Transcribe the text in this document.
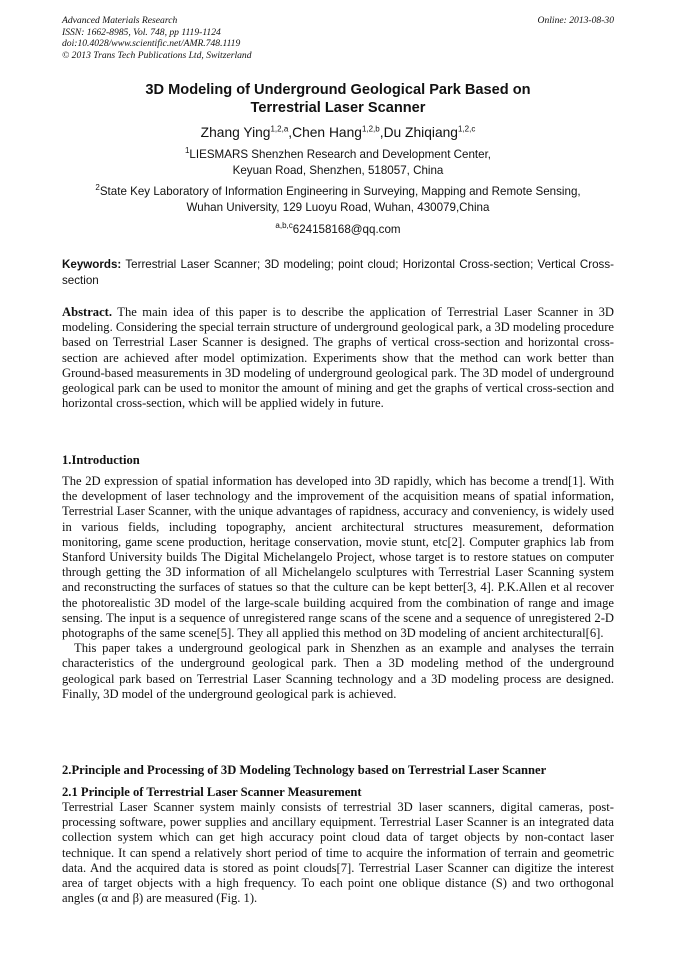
Advanced Materials Research
ISSN: 1662-8985, Vol. 748, pp 1119-1124
doi:10.4028/www.scientific.net/AMR.748.1119
© 2013 Trans Tech Publications Ltd, Switzerland
Online: 2013-08-30
3D Modeling of Underground Geological Park Based on
Terrestrial Laser Scanner
Zhang Ying$^{1,2,a}$,Chen Hang$^{1,2,b}$,Du Zhiqiang$^{1,2,c}$
$^1$LIESMARS Shenzhen Research and Development Center,
Keyuan Road, Shenzhen, 518057, China
$^2$State Key Laboratory of Information Engineering in Surveying, Mapping and Remote Sensing,
Wuhan University, 129 Luoyu Road, Wuhan, 430079,China
$^{a,b,c}$624158168@qq.com
Keywords: Terrestrial Laser Scanner; 3D modeling; point cloud; Horizontal Cross-section; Vertical Cross-section
Abstract. The main idea of this paper is to describe the application of Terrestrial Laser Scanner in 3D modeling. Considering the special terrain structure of underground geological park, a 3D modeling procedure based on Terrestrial Laser Scanner is designed. The graphs of vertical cross-section and horizontal cross-section are achieved after model optimization. Experiments show that the method can work better than Ground-based measurements in 3D modeling of underground geological park. The 3D model of underground geological park can be used to monitor the amount of mining and get the graphs of vertical cross-section and horizontal cross-section, which will be applied widely in future.
1.Introduction
The 2D expression of spatial information has developed into 3D rapidly, which has become a trend[1]. With the development of laser technology and the improvement of the acquisition means of spatial information, Terrestrial Laser Scanner, with the unique advantages of rapidness, accuracy and conveniency, is widely used in various fields, including topography, ancient architectural structures measurement, deformation monitoring, game scene production, heritage conservation, movie stunt, etc[2]. Computer graphics lab from Stanford University builds The Digital Michelangelo Project, whose target is to restore statues on computer through getting the 3D information of all Michelangelo sculptures with Terrestrial Laser Scanning system and reconstructing the surfaces of statues so that the culture can be kept better[3, 4]. P.K.Allen et al recover the photorealistic 3D model of the large-scale building acquired from the combination of range and image sensing. The input is a sequence of unregistered range scans of the scene and a sequence of unregistered 2-D photographs of the same scene[5]. They all applied this method on 3D modeling of ancient architectural[6].
This paper takes a underground geological park in Shenzhen as an example and analyses the terrain characteristics of the underground geological park. Then a 3D modeling method of the underground geological park based on Terrestrial Laser Scanning technology and a 3D modeling process are designed. Finally, 3D model of the underground geological park is achieved.
2.Principle and Processing of 3D Modeling Technology based on Terrestrial Laser Scanner
2.1 Principle of Terrestrial Laser Scanner Measurement
Terrestrial Laser Scanner system mainly consists of terrestrial 3D laser scanners, digital cameras, post-processing software, power supplies and ancillary equipment. Terrestrial Laser Scanner is an integrated data collection system which can get high accuracy point cloud data of target objects by non-contact laser technique. It can spend a relatively short period of time to acquire the information of terrain and geometric data. And the acquired data is stored as point clouds[7]. Terrestrial Laser Scanner can digitize the interest area of target objects with a high frequency. To each point one oblique distance (S) and two orthogonal angles (α and β) are measured (Fig. 1).
